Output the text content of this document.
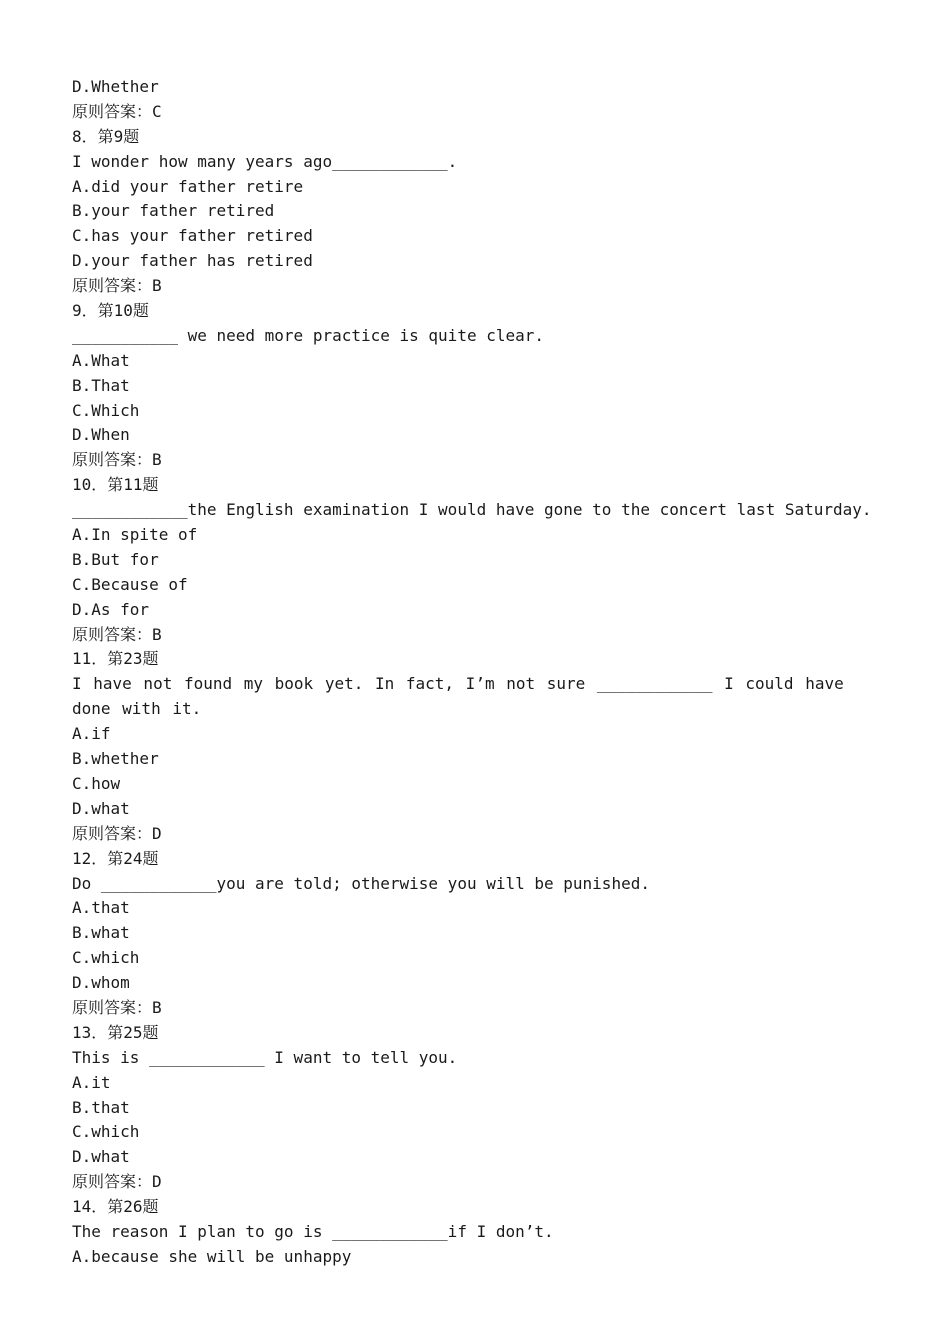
D.Whether
原则答案：C
8．第9题
I wonder how many years ago____________.
A.did your father retire
B.your father retired
C.has your father retired
D.your father has retired
原则答案：B
9．第10题
___________ we need more practice is quite clear.
A.What
B.That
C.Which
D.When
原则答案：B
10．第11题
____________the English examination I would have gone to the concert last Saturday.
A.In spite of
B.But for
C.Because of
D.As for
原则答案：B
11．第23题
I have not found my book yet. In fact, I’m not sure ____________ I could have done with it.
A.if
B.whether
C.how
D.what
原则答案：D
12．第24题
Do ____________you are told; otherwise you will be punished.
A.that
B.what
C.which
D.whom
原则答案：B
13．第25题
This is ____________ I want to tell you.
A.it
B.that
C.which
D.what
原则答案：D
14．第26题
The reason I plan to go is ____________if I don’t.
A.because she will be unhappy
